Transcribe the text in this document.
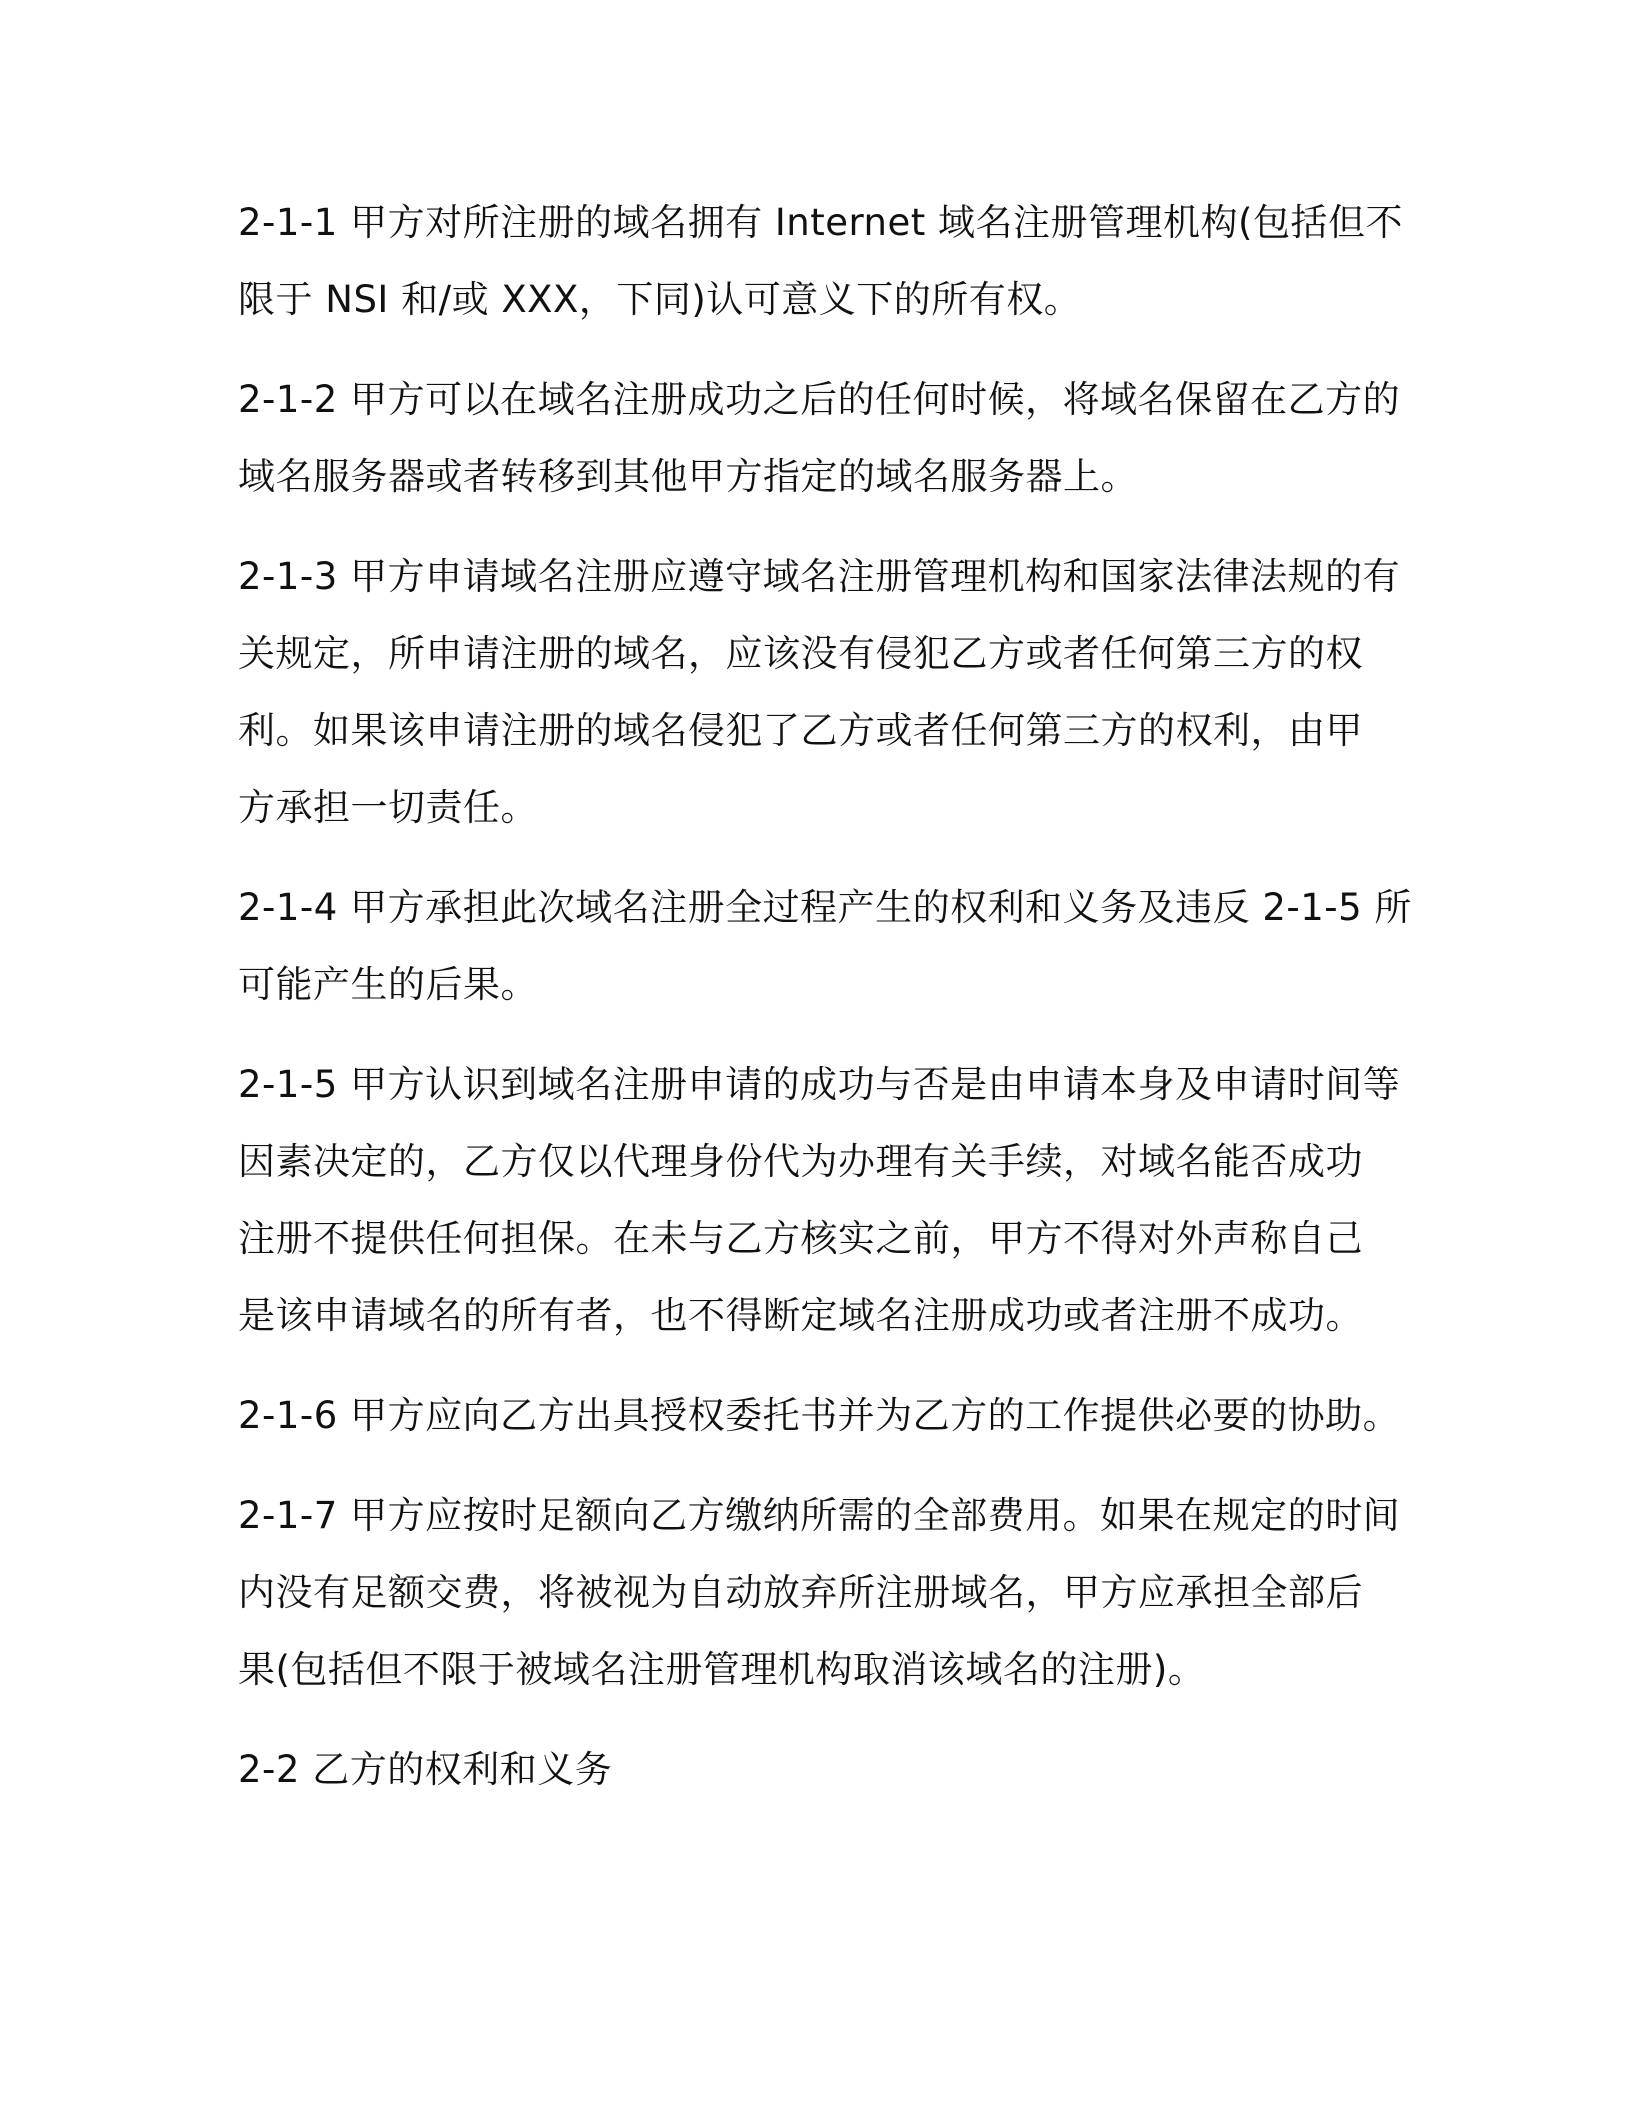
2-1-1 甲方对所注册的域名拥有 Internet 域名注册管理机构(包括但不
限于 NSI 和/或 XXX，下同)认可意义下的所有权。

2-1-2 甲方可以在域名注册成功之后的任何时候，将域名保留在乙方的
域名服务器或者转移到其他甲方指定的域名服务器上。

2-1-3 甲方申请域名注册应遵守域名注册管理机构和国家法律法规的有
关规定，所申请注册的域名，应该没有侵犯乙方或者任何第三方的权
利。如果该申请注册的域名侵犯了乙方或者任何第三方的权利，由甲
方承担一切责任。

2-1-4 甲方承担此次域名注册全过程产生的权利和义务及违反 2-1-5 所
可能产生的后果。

2-1-5 甲方认识到域名注册申请的成功与否是由申请本身及申请时间等
因素决定的，乙方仅以代理身份代为办理有关手续，对域名能否成功
注册不提供任何担保。在未与乙方核实之前，甲方不得对外声称自己
是该申请域名的所有者，也不得断定域名注册成功或者注册不成功。

2-1-6 甲方应向乙方出具授权委托书并为乙方的工作提供必要的协助。

2-1-7 甲方应按时足额向乙方缴纳所需的全部费用。如果在规定的时间
内没有足额交费，将被视为自动放弃所注册域名，甲方应承担全部后
果(包括但不限于被域名注册管理机构取消该域名的注册)。

2-2 乙方的权利和义务
